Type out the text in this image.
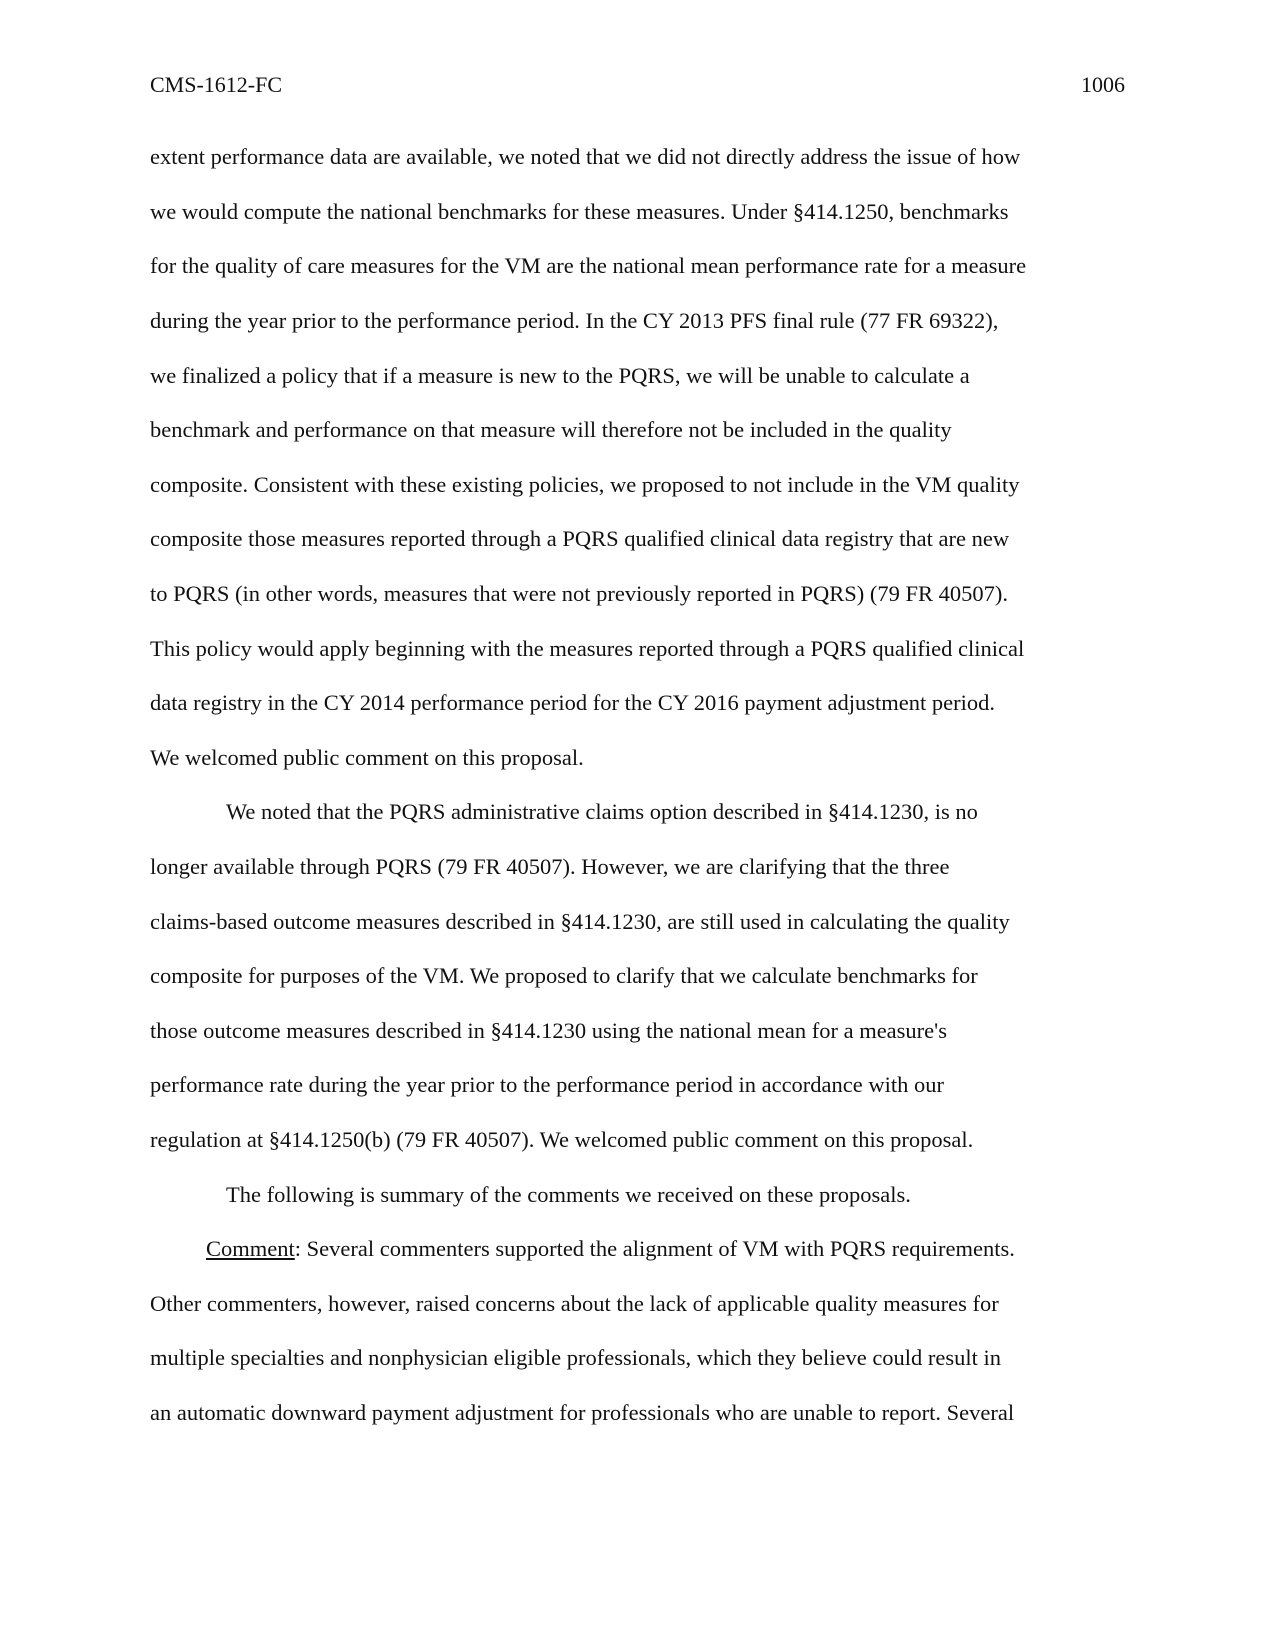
CMS-1612-FC	1006
extent performance data are available, we noted that we did not directly address the issue of how
we would compute the national benchmarks for these measures. Under §414.1250, benchmarks
for the quality of care measures for the VM are the national mean performance rate for a measure
during the year prior to the performance period. In the CY 2013 PFS final rule (77 FR 69322),
we finalized a policy that if a measure is new to the PQRS, we will be unable to calculate a
benchmark and performance on that measure will therefore not be included in the quality
composite. Consistent with these existing policies, we proposed to not include in the VM quality
composite those measures reported through a PQRS qualified clinical data registry that are new
to PQRS (in other words, measures that were not previously reported in PQRS) (79 FR 40507).
This policy would apply beginning with the measures reported through a PQRS qualified clinical
data registry in the CY 2014 performance period for the CY 2016 payment adjustment period.
We welcomed public comment on this proposal.
We noted that the PQRS administrative claims option described in §414.1230, is no
longer available through PQRS (79 FR 40507). However, we are clarifying that the three
claims-based outcome measures described in §414.1230, are still used in calculating the quality
composite for purposes of the VM. We proposed to clarify that we calculate benchmarks for
those outcome measures described in §414.1230 using the national mean for a measure's
performance rate during the year prior to the performance period in accordance with our
regulation at §414.1250(b) (79 FR 40507). We welcomed public comment on this proposal.
The following is summary of the comments we received on these proposals.
Comment: Several commenters supported the alignment of VM with PQRS requirements.
Other commenters, however, raised concerns about the lack of applicable quality measures for
multiple specialties and nonphysician eligible professionals, which they believe could result in
an automatic downward payment adjustment for professionals who are unable to report. Several
